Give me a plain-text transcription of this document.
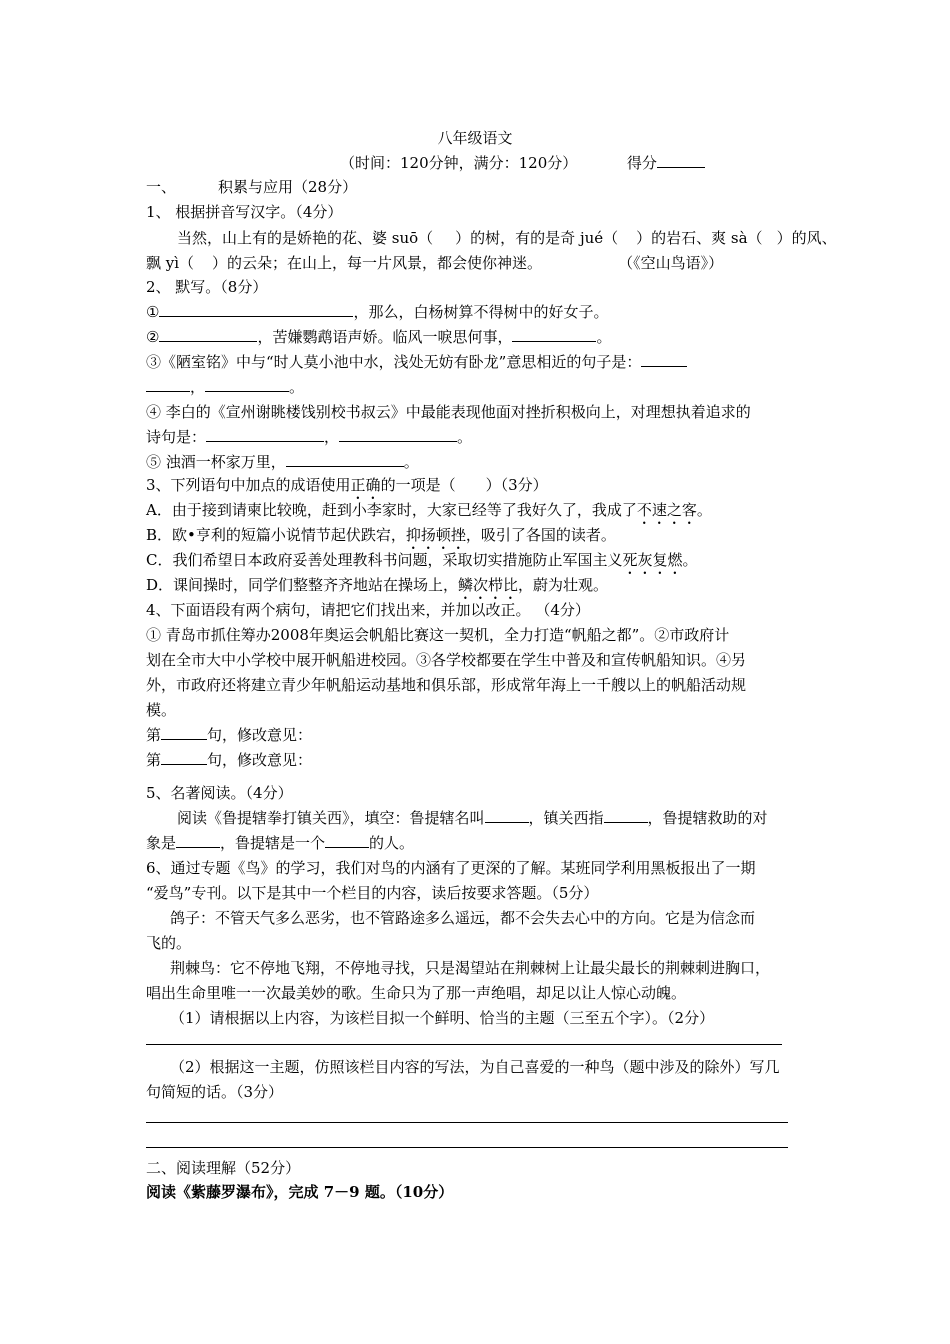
八年级语文
（时间：120分钟，满分：120分）	得分
一、	积累与应用（28分）
1、 根据拼音写汉字。（4分）
当然，山上有的是娇艳的花、婆 suō（ ）的树，有的是奇 jué（ ）的岩石、爽 sà（ ）的风、
飘 yì（ ）的云朵；在山上，每一片风景，都会使你神迷。	（《空山鸟语》）
2、 默写。（8分）
①	，那么，白杨树算不得树中的好女子。
②	，苦嫌鹦鹉语声娇。临风一唳思何事，	。
③《陋室铭》中与“时人莫小池中水，浅处无妨有卧龙”意思相近的句子是：
，	。
④ 李白的《宣州谢眺楼饯别校书叔云》中最能表现他面对挫折积极向上，对理想执着追求的
诗句是：	，	。
⑤ 浊酒一杯家万里，	。
3、下列语句中加点的成语使用正确的一项是（　　）（3分）
A．由于接到请柬比较晚，赶到小李家时，大家已经等了我好久了，我成了不速之客。
B．欧•亨利的短篇小说情节起伏跌宕，抑扬顿挫，吸引了各国的读者。
C．我们希望日本政府妥善处理教科书问题，采取切实措施防止军国主义死灰复燃。
D．课间操时，同学们整整齐齐地站在操场上，鳞次栉比，蔚为壮观。
4、下面语段有两个病句，请把它们找出来，并加以改正。 （4分）
① 青岛市抓住筹办2008年奥运会帆船比赛这一契机，全力打造“帆船之都”。②市政府计
划在全市大中小学校中展开帆船进校园。③各学校都要在学生中普及和宣传帆船知识。④另
外，市政府还将建立青少年帆船运动基地和俱乐部，形成常年海上一千艘以上的帆船活动规
模。
第	句，修改意见：
第	句，修改意见：
5、名著阅读。（4分）
阅读《鲁提辖拳打镇关西》，填空：鲁提辖名叫	，镇关西指	，鲁提辖救助的对
象是	，鲁提辖是一个	的人。
6、通过专题《鸟》的学习，我们对鸟的内涵有了更深的了解。某班同学利用黑板报出了一期
“爱鸟”专刊。以下是其中一个栏目的内容，读后按要求答题。（5分）
鸽子：不管天气多么恶劣，也不管路途多么遥远，都不会失去心中的方向。它是为信念而
飞的。
荆棘鸟：它不停地飞翔，不停地寻找，只是渴望站在荆棘树上让最尖最长的荆棘刺进胸口，
唱出生命里唯一一次最美妙的歌。生命只为了那一声绝唱，却足以让人惊心动魄。
（1）请根据以上内容，为该栏目拟一个鲜明、恰当的主题（三至五个字）。（2分）
（2）根据这一主题，仿照该栏目内容的写法，为自己喜爱的一种鸟（题中涉及的除外）写几
句简短的话。（3分）
二、阅读理解（52分）
阅读《紫藤罗瀑布》，完成 7－9 题。（10分）
